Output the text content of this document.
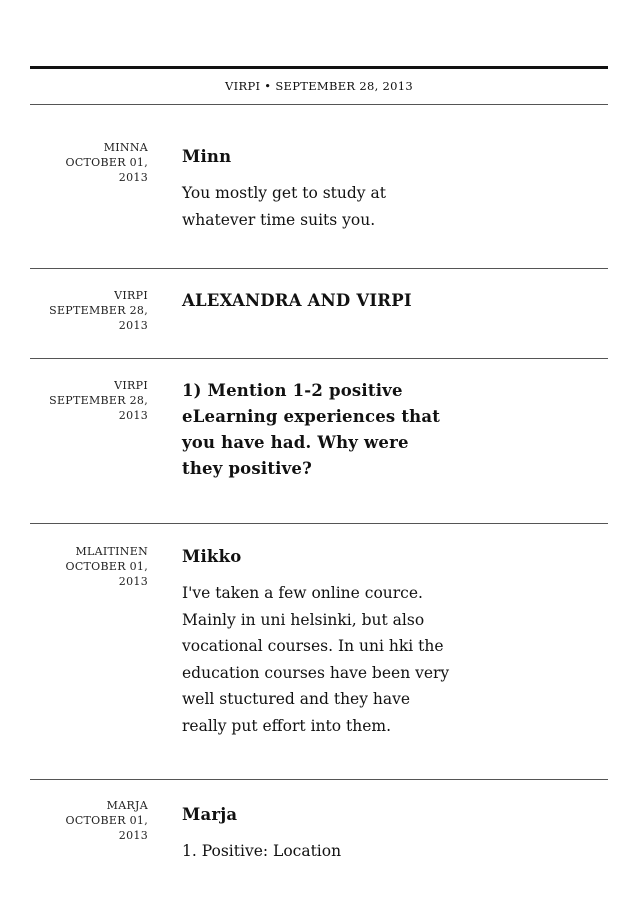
VIRPI • SEPTEMBER 28, 2013
MINNA
OCTOBER 01,
2013
Minn
You mostly get to study at
whatever time suits you.
VIRPI
SEPTEMBER 28,
2013
ALEXANDRA AND VIRPI
VIRPI
SEPTEMBER 28,
2013
1) Mention 1-2 positive
eLearning experiences that
you have had. Why were
they positive?
MLAITINEN
OCTOBER 01,
2013
Mikko
I've taken a few online cource.
Mainly in uni helsinki, but also
vocational courses. In uni hki the
education courses have been very
well stuctured and they have
really put effort into them.
MARJA
OCTOBER 01,
2013
Marja
1. Positive: Location
